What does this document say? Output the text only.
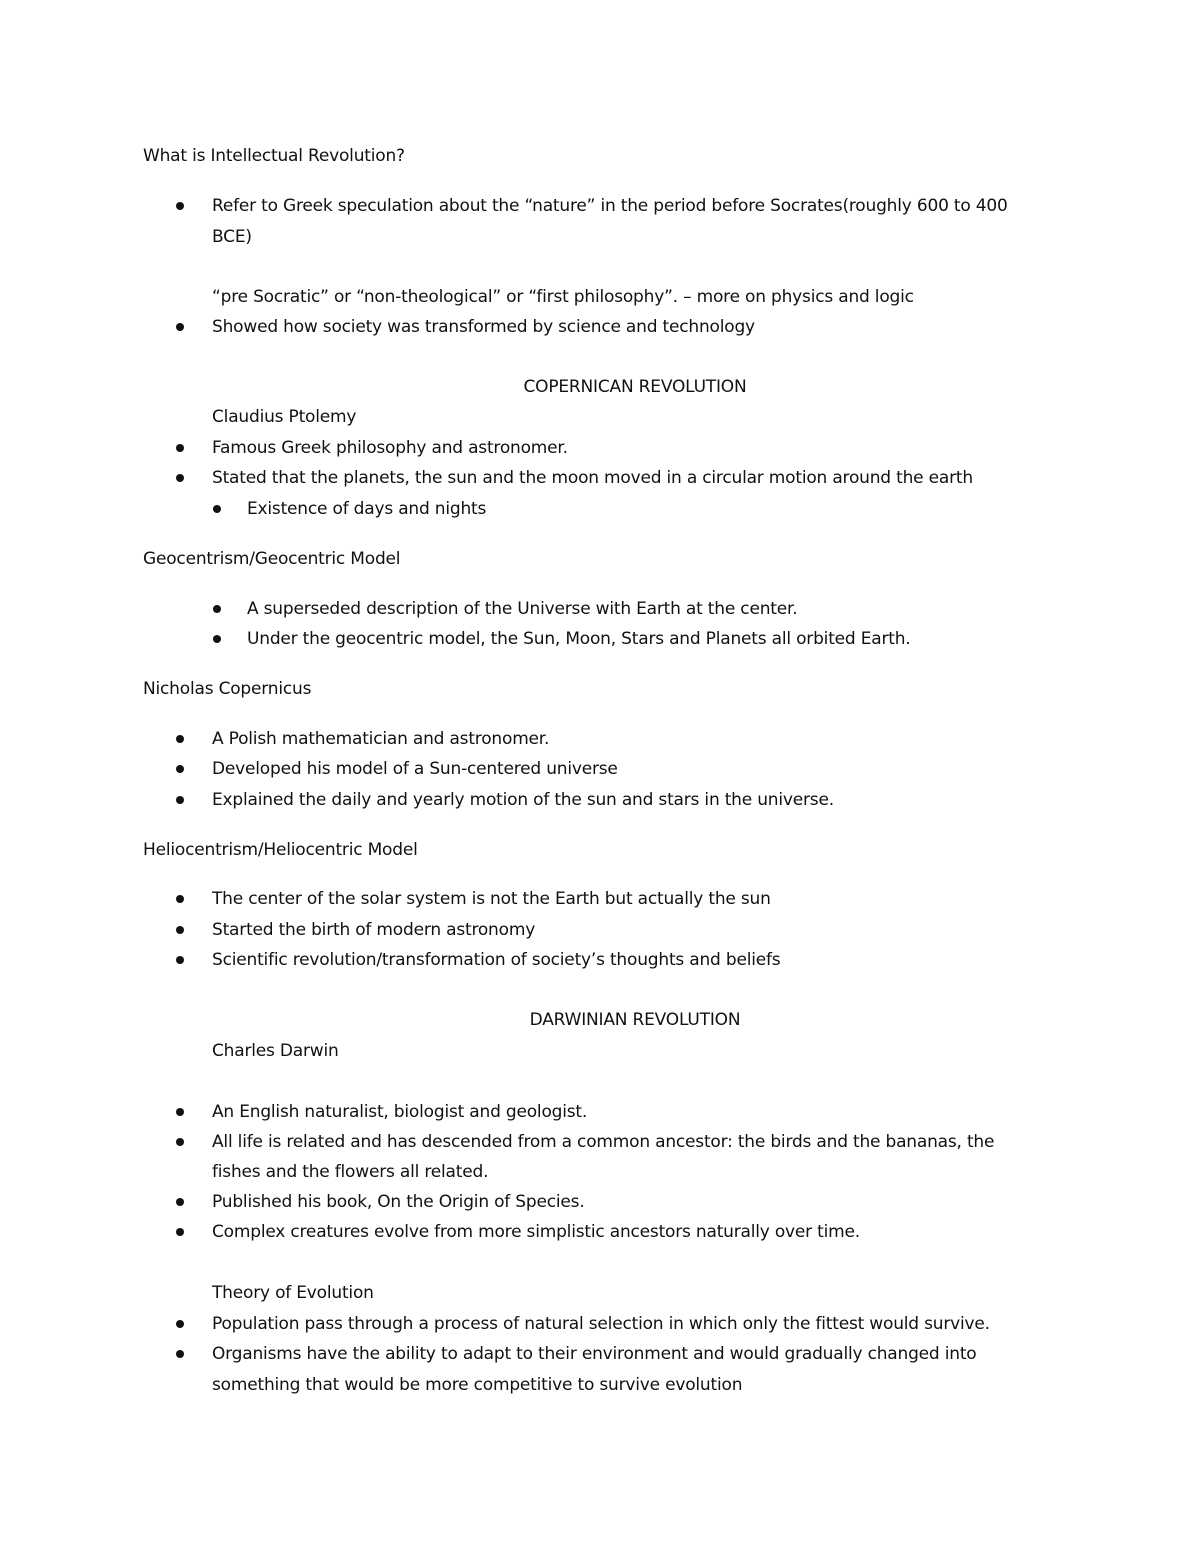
What is Intellectual Revolution?
Refer to Greek speculation about the “nature” in the period before Socrates(roughly 600 to 400
BCE)
“pre Socratic” or “non-theological” or “first philosophy”. – more on physics and logic
Showed how society was transformed by science and technology
COPERNICAN REVOLUTION
Claudius Ptolemy
Famous Greek philosophy and astronomer.
Stated that the planets, the sun and the moon moved in a circular motion around the earth
Existence of days and nights
Geocentrism/Geocentric Model
A superseded description of the Universe with Earth at the center.
Under the geocentric model, the Sun, Moon, Stars and Planets all orbited Earth.
Nicholas Copernicus
A Polish mathematician and astronomer.
Developed his model of a Sun-centered universe
Explained the daily and yearly motion of the sun and stars in the universe.
Heliocentrism/Heliocentric Model
The center of the solar system is not the Earth but actually the sun
Started the birth of modern astronomy
Scientific revolution/transformation of society’s thoughts and beliefs
DARWINIAN REVOLUTION
Charles Darwin
An English naturalist, biologist and geologist.
All life is related and has descended from a common ancestor: the birds and the bananas, the
fishes and the flowers all related.
Published his book, On the Origin of Species.
Complex creatures evolve from more simplistic ancestors naturally over time.
Theory of Evolution
Population pass through a process of natural selection in which only the fittest would survive.
Organisms have the ability to adapt to their environment and would gradually changed into
something that would be more competitive to survive evolution
